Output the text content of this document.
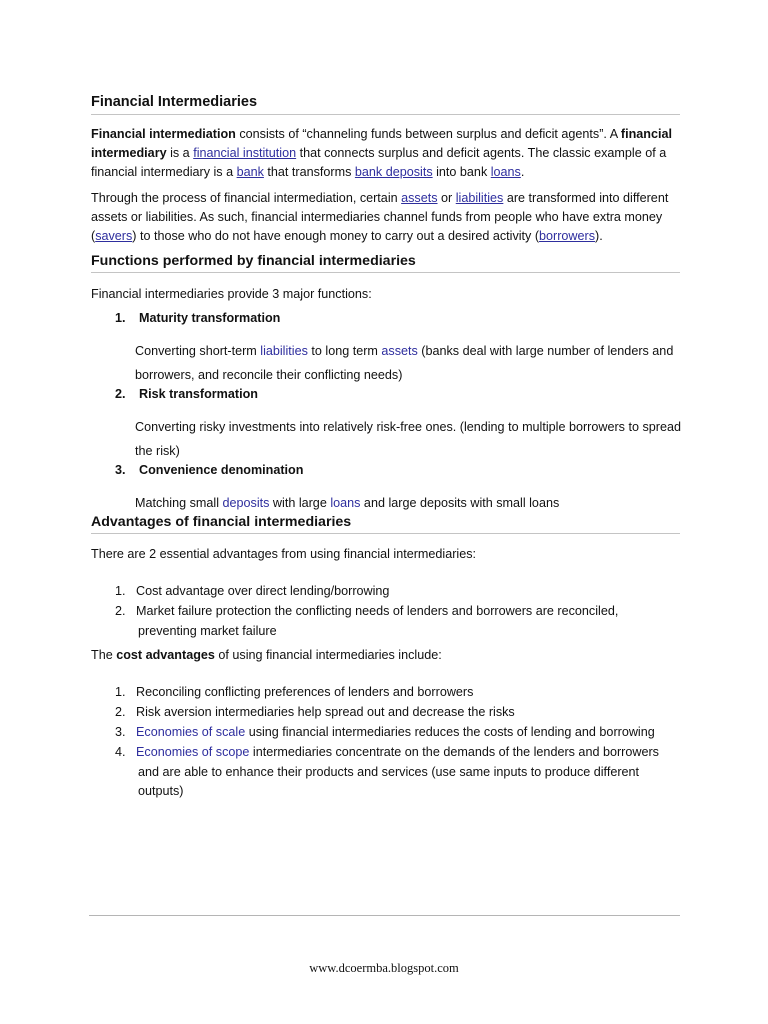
Financial Intermediaries

Financial intermediation consists of “channeling funds between surplus and deficit agents”. A financial intermediary is a financial institution that connects surplus and deficit agents. The classic example of a financial intermediary is a bank that transforms bank deposits into bank loans.

Through the process of financial intermediation, certain assets or liabilities are transformed into different assets or liabilities. As such, financial intermediaries channel funds from people who have extra money (savers) to those who do not have enough money to carry out a desired activity (borrowers).

Functions performed by financial intermediaries

Financial intermediaries provide 3 major functions:

1. Maturity transformation

Converting short-term liabilities to long term assets (banks deal with large number of lenders and borrowers, and reconcile their conflicting needs)

2. Risk transformation

Converting risky investments into relatively risk-free ones. (lending to multiple borrowers to spread the risk)

3. Convenience denomination

Matching small deposits with large loans and large deposits with small loans

Advantages of financial intermediaries

There are 2 essential advantages from using financial intermediaries:

1. Cost advantage over direct lending/borrowing
2. Market failure protection the conflicting needs of lenders and borrowers are reconciled,
preventing market failure

The cost advantages of using financial intermediaries include:

1. Reconciling conflicting preferences of lenders and borrowers
2. Risk aversion intermediaries help spread out and decrease the risks
3. Economies of scale using financial intermediaries reduces the costs of lending and borrowing
4. Economies of scope intermediaries concentrate on the demands of the lenders and borrowers
and are able to enhance their products and services (use same inputs to produce different outputs)
www.dcoermba.blogspot.com
